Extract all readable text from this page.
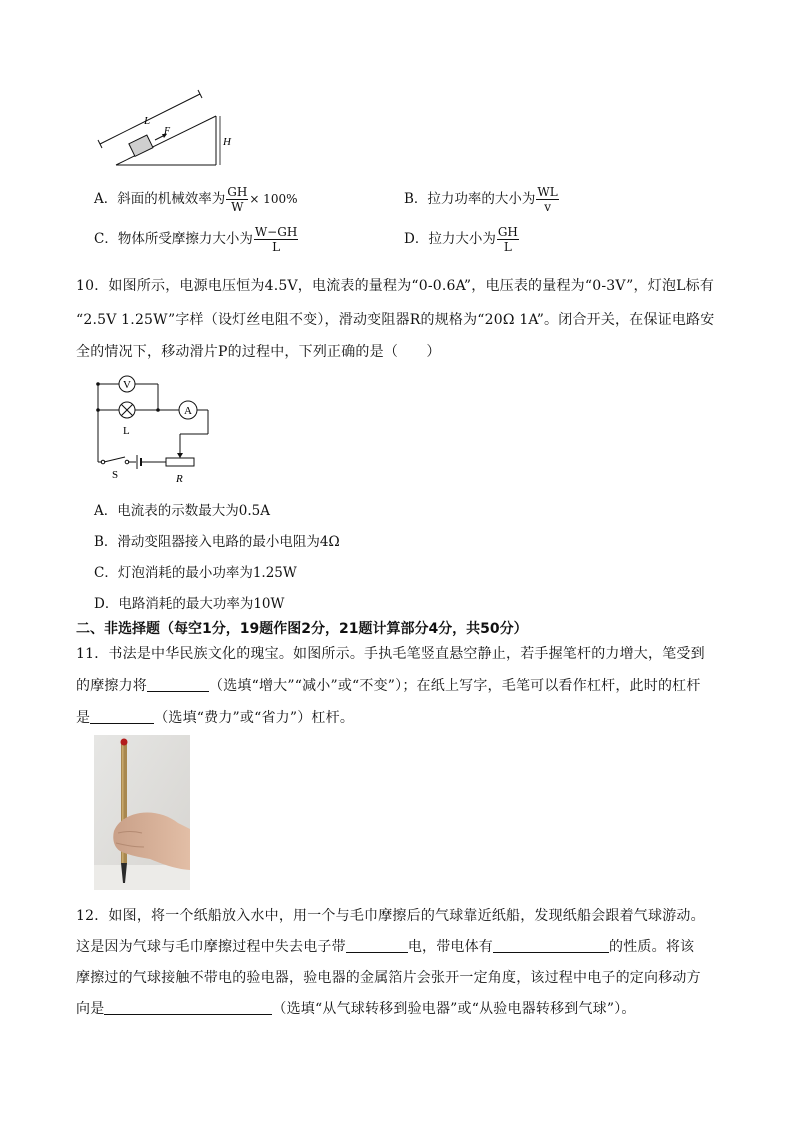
L
F
H
A．斜面的机械效率为 $\frac{GH}{W} \times 100\%$	B．拉力功率的大小为 $\frac{WL}{v}$
C．物体所受摩擦力大小为 $\frac{W-GH}{L}$	D．拉力大小为 $\frac{GH}{L}$
10．如图所示，电源电压恒为4.5V，电流表的量程为“0-0.6A”，电压表的量程为“0-3V”，灯泡L标有
“2.5V 1.25W”字样（设灯丝电阻不变），滑动变阻器R的规格为“20Ω 1A”。闭合开关，在保证电路安
全的情况下，移动滑片P的过程中，下列正确的是（　　）
V
L
A
R
S
A．电流表的示数最大为0.5A
B．滑动变阻器接入电路的最小电阻为4Ω
C．灯泡消耗的最小功率为1.25W
D．电路消耗的最大功率为10W
二、非选择题（每空1分，19题作图2分，21题计算部分4分，共50分）
11．书法是中华民族文化的瑰宝。如图所示。手执毛笔竖直悬空静止，若手握笔杆的力增大，笔受到
的摩擦力将	（选填“增大”“减小”或“不变”）；在纸上写字，毛笔可以看作杠杆，此时的杠杆
是	（选填“费力”或“省力”）杠杆。
12．如图，将一个纸船放入水中，用一个与毛巾摩擦后的气球靠近纸船，发现纸船会跟着气球游动。
这是因为气球与毛巾摩擦过程中失去电子带	电，带电体有	的性质。将该
摩擦过的气球接触不带电的验电器，验电器的金属箔片会张开一定角度，该过程中电子的定向移动方
向是	（选填“从气球转移到验电器”或“从验电器转移到气球”）。
